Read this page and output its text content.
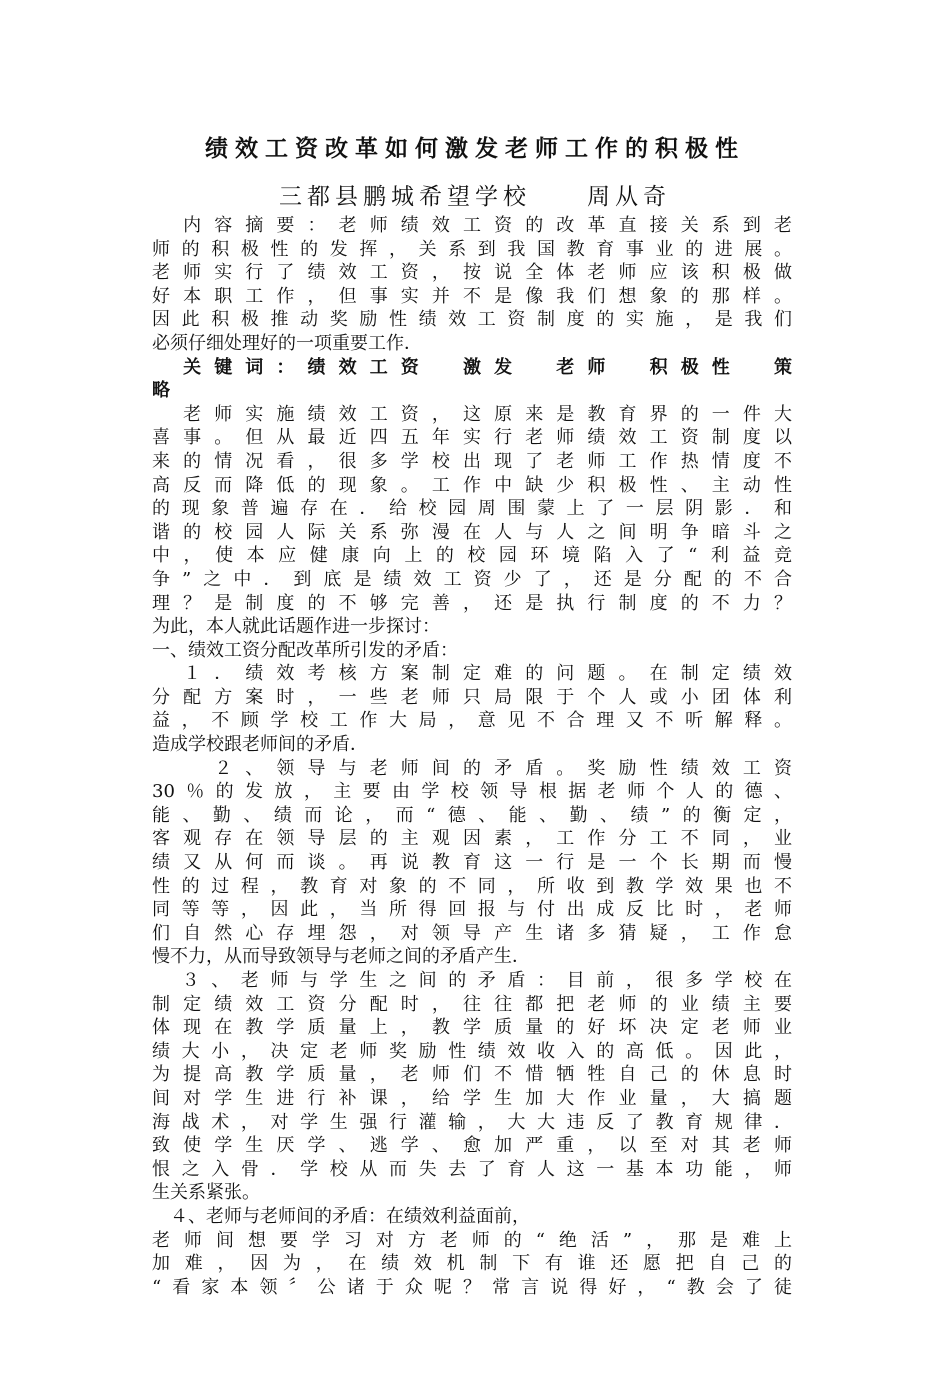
绩效工资改革如何激发老师工作的积极性
三都县鹏城希望学校　　周从奇
　内容摘要：老师绩效工资的改革直接关系到老
师的积极性的发挥，关系到我国教育事业的进展。
老师实行了绩效工资，按说全体老师应该积极做
好本职工作，但事实并不是像我们想象的那样。
因此积极推动奖励性绩效工资制度的实施，是我们
必须仔细处理好的一项重要工作．
　关键词：绩效工资　激发　老师　积极性　策
略
　老师实施绩效工资，这原来是教育界的一件大
喜事。但从最近四五年实行老师绩效工资制度以
来的情况看，很多学校出现了老师工作热情度不
高反而降低的现象。工作中缺少积极性、主动性
的现象普遍存在．给校园周围蒙上了一层阴影．和
谐的校园人际关系弥漫在人与人之间明争暗斗之
中，使本应健康向上的校园环境陷入了“利益竞
争”之中．到底是绩效工资少了，还是分配的不合
理？是制度的不够完善，还是执行制度的不力？
为此，本人就此话题作进一步探讨：
一、绩效工资分配改革所引发的矛盾：
　１．绩效考核方案制定难的问题。在制定绩效
分配方案时，一些老师只局限于个人或小团体利
益，不顾学校工作大局，意见不合理又不听解释。
造成学校跟老师间的矛盾．
　　２、领导与老师间的矛盾。奖励性绩效工资
30％的发放，主要由学校领导根据老师个人的德、
能、勤、绩而论，而“德、能、勤、绩”的衡定，
客观存在领导层的主观因素，工作分工不同，业
绩又从何而谈。再说教育这一行是一个长期而慢
性的过程，教育对象的不同，所收到教学效果也不
同等等，因此，当所得回报与付出成反比时，老师
们自然心存埋怨，对领导产生诸多猜疑，工作怠
慢不力，从而导致领导与老师之间的矛盾产生．
　３、老师与学生之间的矛盾：目前，很多学校在
制定绩效工资分配时，往往都把老师的业绩主要
体现在教学质量上，教学质量的好坏决定老师业
绩大小，决定老师奖励性绩效收入的高低。因此，
为提高教学质量，老师们不惜牺牲自己的休息时
间对学生进行补课，给学生加大作业量，大搞题
海战术，对学生强行灌输，大大违反了教育规律．
致使学生厌学、逃学、愈加严重，以至对其老师
恨之入骨．学校从而失去了育人这一基本功能，师
生关系紧张。
　４、老师与老师间的矛盾：在绩效利益面前，
老师间想要学习对方老师的“绝活”，那是难上
加难，因为，在绩效机制下有谁还愿把自己的
“看家本领〞公诸于众呢？常言说得好，“教会了徒
